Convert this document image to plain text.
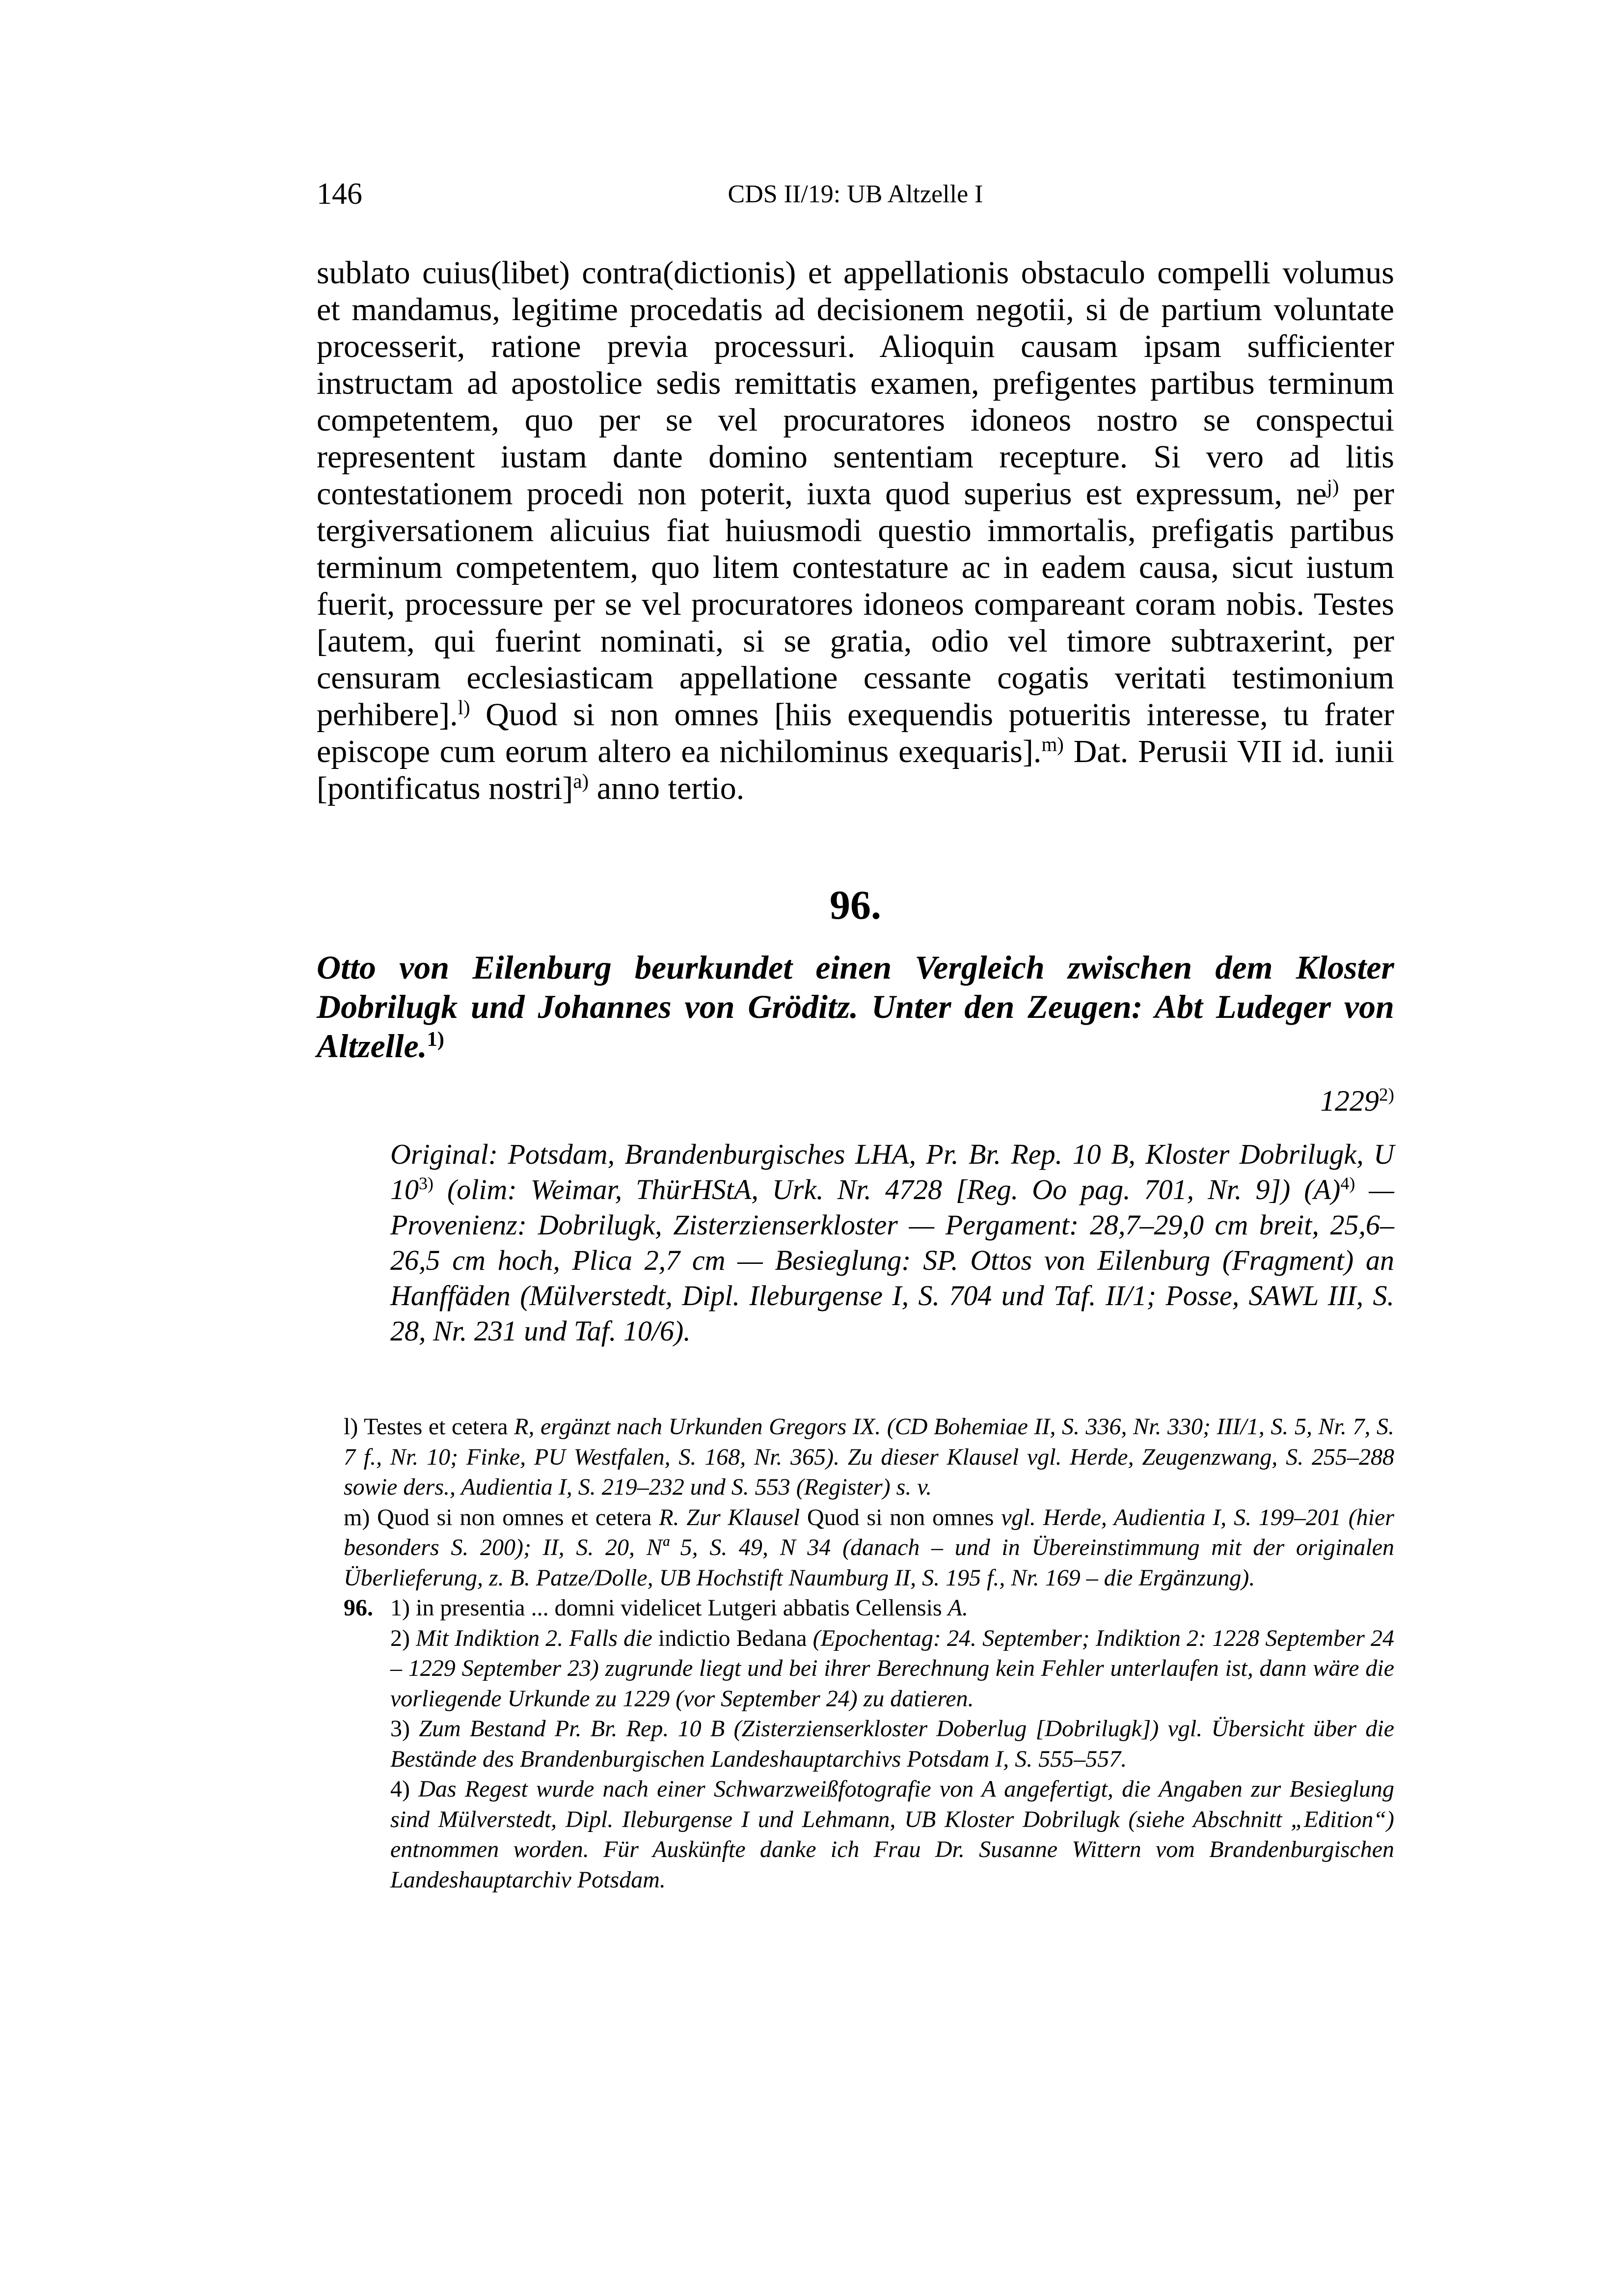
146	CDS II/19: UB Altzelle I
sublato cuius(libet) contra(dictionis) et appellationis obstaculo compelli volumus et mandamus, legitime procedatis ad decisionem negotii, si de partium voluntate processerit, ratione previa processuri. Alioquin causam ipsam sufficienter instructam ad apostolice sedis remittatis examen, prefigentes partibus terminum competentem, quo per se vel procuratores idoneos nostro se conspectui representent iustam dante domino sententiam recepture. Si vero ad litis contestationem procedi non poterit, iuxta quod superius est expressum, $ne^{j)}$ per tergiversationem alicuius fiat huiusmodi questio immortalis, prefigatis partibus terminum competentem, quo litem contestature ac in eadem causa, sicut iustum fuerit, processure per se vel procuratores idoneos compareant coram nobis. Testes [autem, qui fuerint nominati, si se gratia, odio vel timore subtraxerint, per censuram ecclesiasticam appellatione cessante cogatis veritati testimonium perhibere].$^{l)}$ Quod si non omnes [hiis exequendis potueritis interesse, tu frater episcope cum eorum altero ea nichilominus exequaris].$^{m)}$ Dat. Perusii VII id. iunii [pontificatus nostri]$^{a)}$ anno tertio.
96.
Otto von Eilenburg beurkundet einen Vergleich zwischen dem Kloster Dobrilugk und Johannes von Gröditz. Unter den Zeugen: Abt Ludeger von Altzelle.$^{1)}$
1229$^{2)}$
Original: Potsdam, Brandenburgisches LHA, Pr. Br. Rep. 10 B, Kloster Dobrilugk, U 10$^{3)}$ (olim: Weimar, ThürHStA, Urk. Nr. 4728 [Reg. Oo pag. 701, Nr. 9]) $(A)^{4)}$ — Provenienz: Dobrilugk, Zisterzienserkloster — Pergament: 28,7–29,0 cm breit, 25,6–26,5 cm hoch, Plica 2,7 cm — Besieglung: SP. Ottos von Eilenburg (Fragment) an Hanffäden (Mülverstedt, Dipl. Ileburgense I, S. 704 und Taf. II/1; Posse, SAWL III, S. 28, Nr. 231 und Taf. 10/6).
l) Testes et cetera R, ergänzt nach Urkunden Gregors IX. (CD Bohemiae II, S. 336, Nr. 330; III/1, S. 5, Nr. 7, S. 7 f., Nr. 10; Finke, PU Westfalen, S. 168, Nr. 365). Zu dieser Klausel vgl. Herde, Zeugenzwang, S. 255–288 sowie ders., Audientia I, S. 219–232 und S. 553 (Register) s. v.
m) Quod si non omnes et cetera R. Zur Klausel Quod si non omnes vgl. Herde, Audientia I, S. 199–201 (hier besonders S. 200); II, S. 20, Nª 5, S. 49, N 34 (danach – und in Übereinstimmung mit der originalen Überlieferung, z. B. Patze/Dolle, UB Hochstift Naumburg II, S. 195 f., Nr. 169 – die Ergänzung).
96. 1) in presentia ... domni videlicet Lutgeri abbatis Cellensis A.
2) Mit Indiktion 2. Falls die indictio Bedana (Epochentag: 24. September; Indiktion 2: 1228 September 24 – 1229 September 23) zugrunde liegt und bei ihrer Berechnung kein Fehler unterlaufen ist, dann wäre die vorliegende Urkunde zu 1229 (vor September 24) zu datieren.
3) Zum Bestand Pr. Br. Rep. 10 B (Zisterzienserkloster Doberlug [Dobrilugk]) vgl. Übersicht über die Bestände des Brandenburgischen Landeshauptarchivs Potsdam I, S. 555–557.
4) Das Regest wurde nach einer Schwarzweißfotografie von A angefertigt, die Angaben zur Besieglung sind Mülverstedt, Dipl. Ileburgense I und Lehmann, UB Kloster Dobrilugk (siehe Abschnitt „Edition“) entnommen worden. Für Auskünfte danke ich Frau Dr. Susanne Wittern vom Brandenburgischen Landeshauptarchiv Potsdam.
